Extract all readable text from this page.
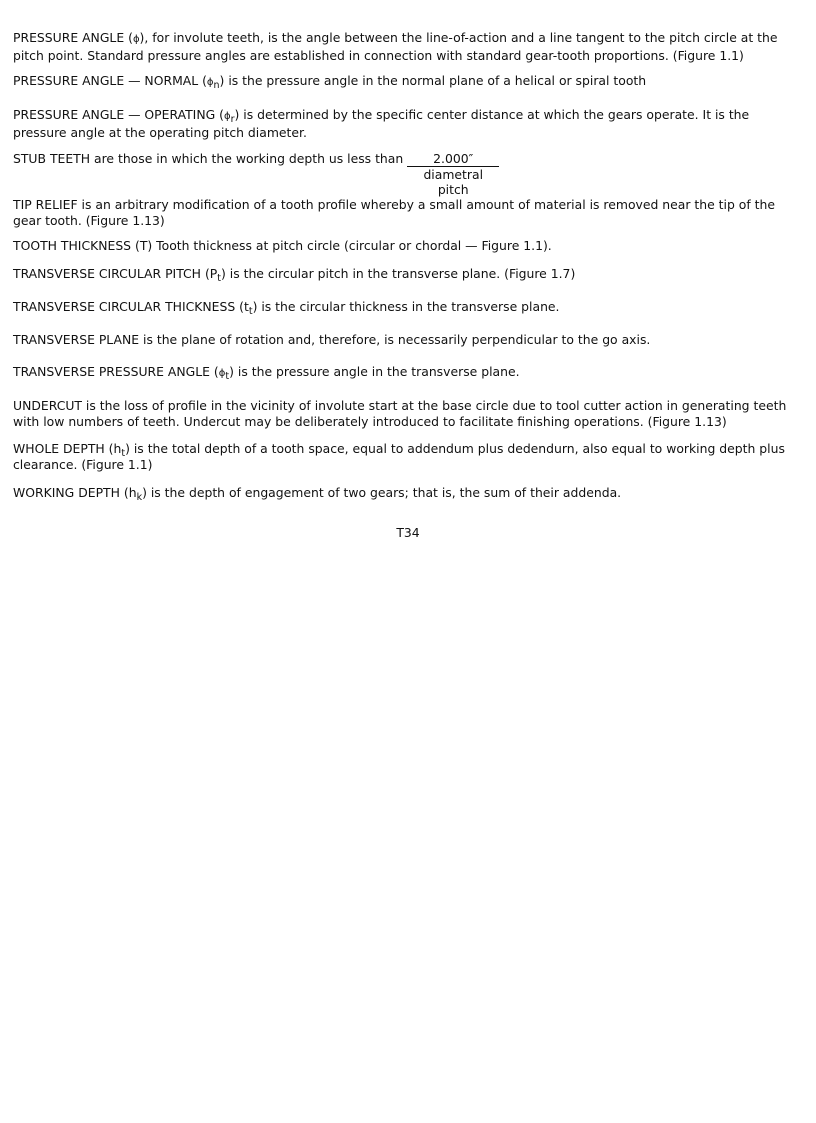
PRESSURE ANGLE (ϕ), for involute teeth, is the angle between the line-of-action and a line tangent to the pitch circle at the pitch point. Standard pressure angles are established in connection with standard gear-tooth proportions. (Figure 1.1)

PRESSURE ANGLE — NORMAL $(\phi_n)$ is the pressure angle in the normal plane of a helical or spiral tooth

PRESSURE ANGLE — OPERATING $(\phi_r)$ is determined by the specific center distance at which the gears operate. It is the pressure angle at the operating pitch diameter.

STUB TEETH are those in which the working depth us less than $\frac{2.000''}{\text{diametral pitch}}$

TIP RELIEF is an arbitrary modification of a tooth profile whereby a small amount of material is removed near the tip of the gear tooth. (Figure 1.13)

TOOTH THICKNESS (T) Tooth thickness at pitch circle (circular or chordal — Figure 1.1).

TRANSVERSE CIRCULAR PITCH $(P_t)$ is the circular pitch in the transverse plane. (Figure 1.7)

TRANSVERSE CIRCULAR THICKNESS $(t_t)$ is the circular thickness in the transverse plane.

TRANSVERSE PLANE is the plane of rotation and, therefore, is necessarily perpendicular to the go axis.

TRANSVERSE PRESSURE ANGLE $(\phi_t)$ is the pressure angle in the transverse plane.

UNDERCUT is the loss of profile in the vicinity of involute start at the base circle due to tool cutter action in generating teeth with low numbers of teeth. Undercut may be deliberately introduced to facilitate finishing operations. (Figure 1.13)

WHOLE DEPTH $(h_t)$ is the total depth of a tooth space, equal to addendum plus dedendurn, also equal to working depth plus clearance. (Figure 1.1)

WORKING DEPTH $(h_k)$ is the depth of engagement of two gears; that is, the sum of their addenda.

T34
